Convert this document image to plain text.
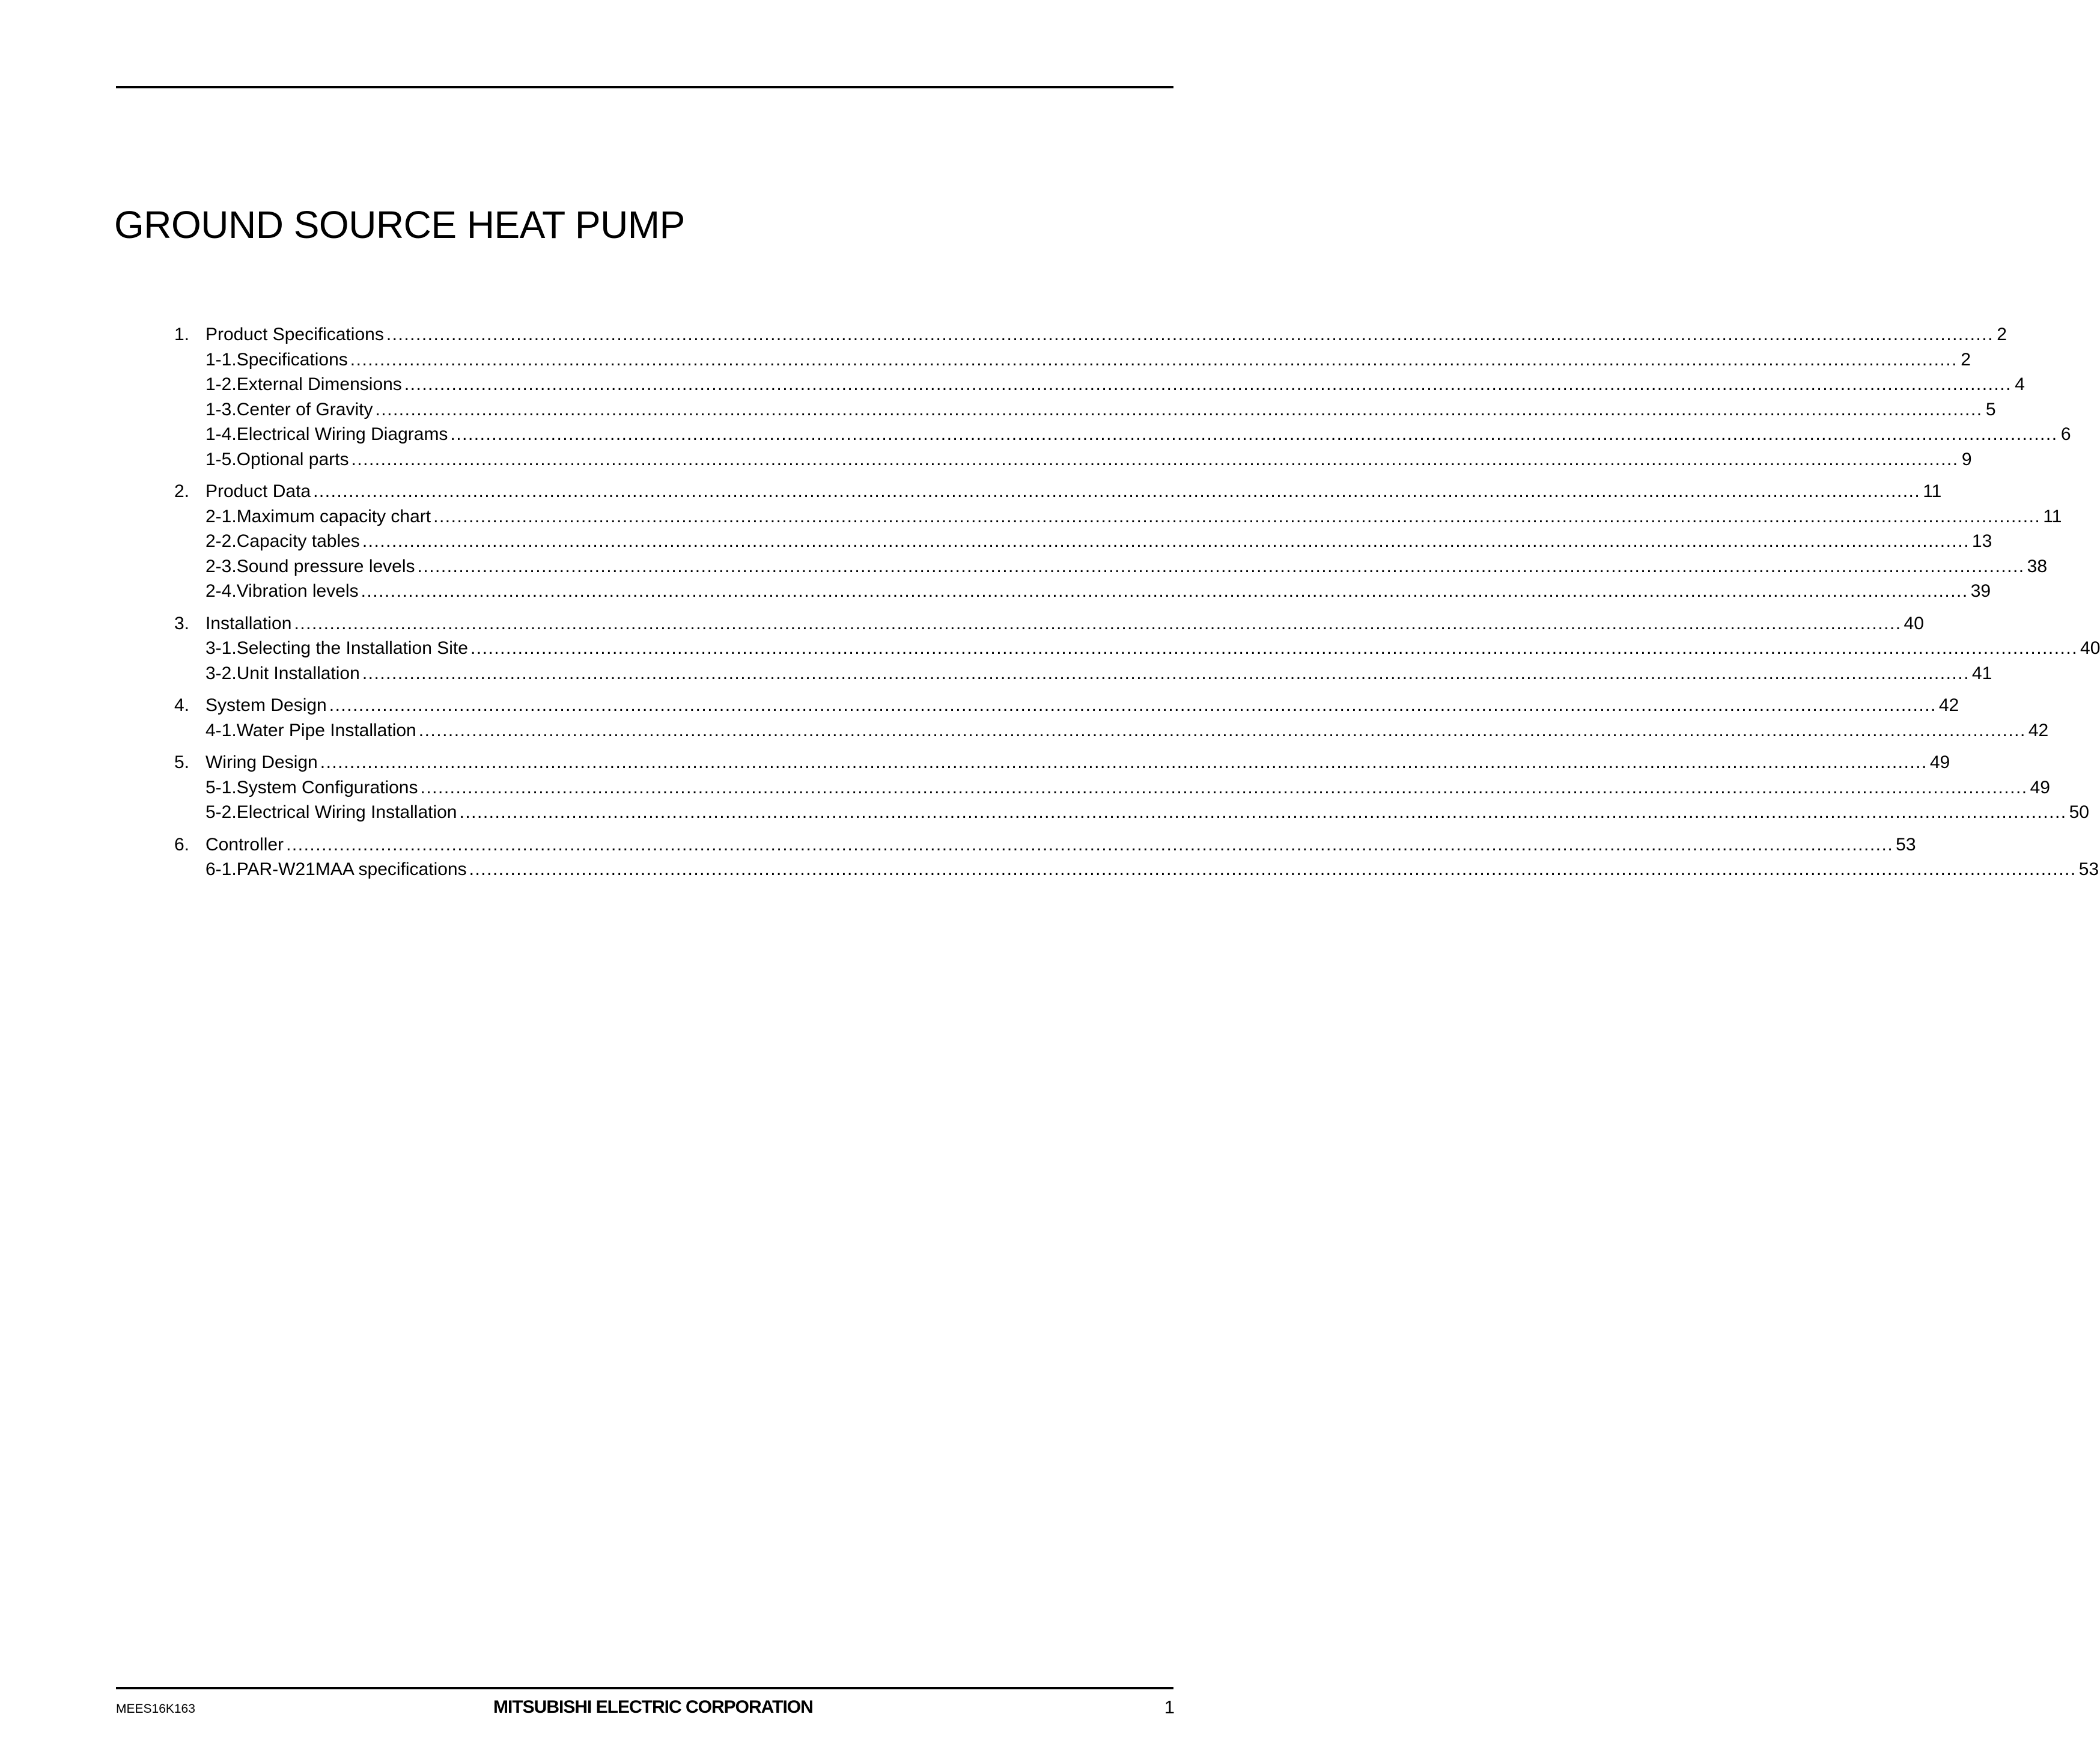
GROUND SOURCE HEAT PUMP
1. Product Specifications ................................................................................................................................................................................................................................................................................ 2
1-1.Specifications ................................................................................................................................................................................................................................................................................ 2
1-2.External Dimensions ................................................................................................................................................................................................................................................................................ 4
1-3.Center of Gravity ................................................................................................................................................................................................................................................................................ 5
1-4.Electrical Wiring Diagrams ................................................................................................................................................................................................................................................................................ 6
1-5.Optional parts ................................................................................................................................................................................................................................................................................ 9
2. Product Data ................................................................................................................................................................................................................................................................................ 11
2-1.Maximum capacity chart ................................................................................................................................................................................................................................................................................ 11
2-2.Capacity tables ................................................................................................................................................................................................................................................................................ 13
2-3.Sound pressure levels ................................................................................................................................................................................................................................................................................ 38
2-4.Vibration levels ................................................................................................................................................................................................................................................................................ 39
3. Installation ................................................................................................................................................................................................................................................................................ 40
3-1.Selecting the Installation Site ................................................................................................................................................................................................................................................................................ 40
3-2.Unit Installation ................................................................................................................................................................................................................................................................................ 41
4. System Design ................................................................................................................................................................................................................................................................................ 42
4-1.Water Pipe Installation ................................................................................................................................................................................................................................................................................ 42
5. Wiring Design ................................................................................................................................................................................................................................................................................ 49
5-1.System Configurations ................................................................................................................................................................................................................................................................................ 49
5-2.Electrical Wiring Installation ................................................................................................................................................................................................................................................................................ 50
6. Controller ................................................................................................................................................................................................................................................................................ 53
6-1.PAR-W21MAA specifications ................................................................................................................................................................................................................................................................................ 53
MEES16K163	MITSUBISHI ELECTRIC CORPORATION	1
